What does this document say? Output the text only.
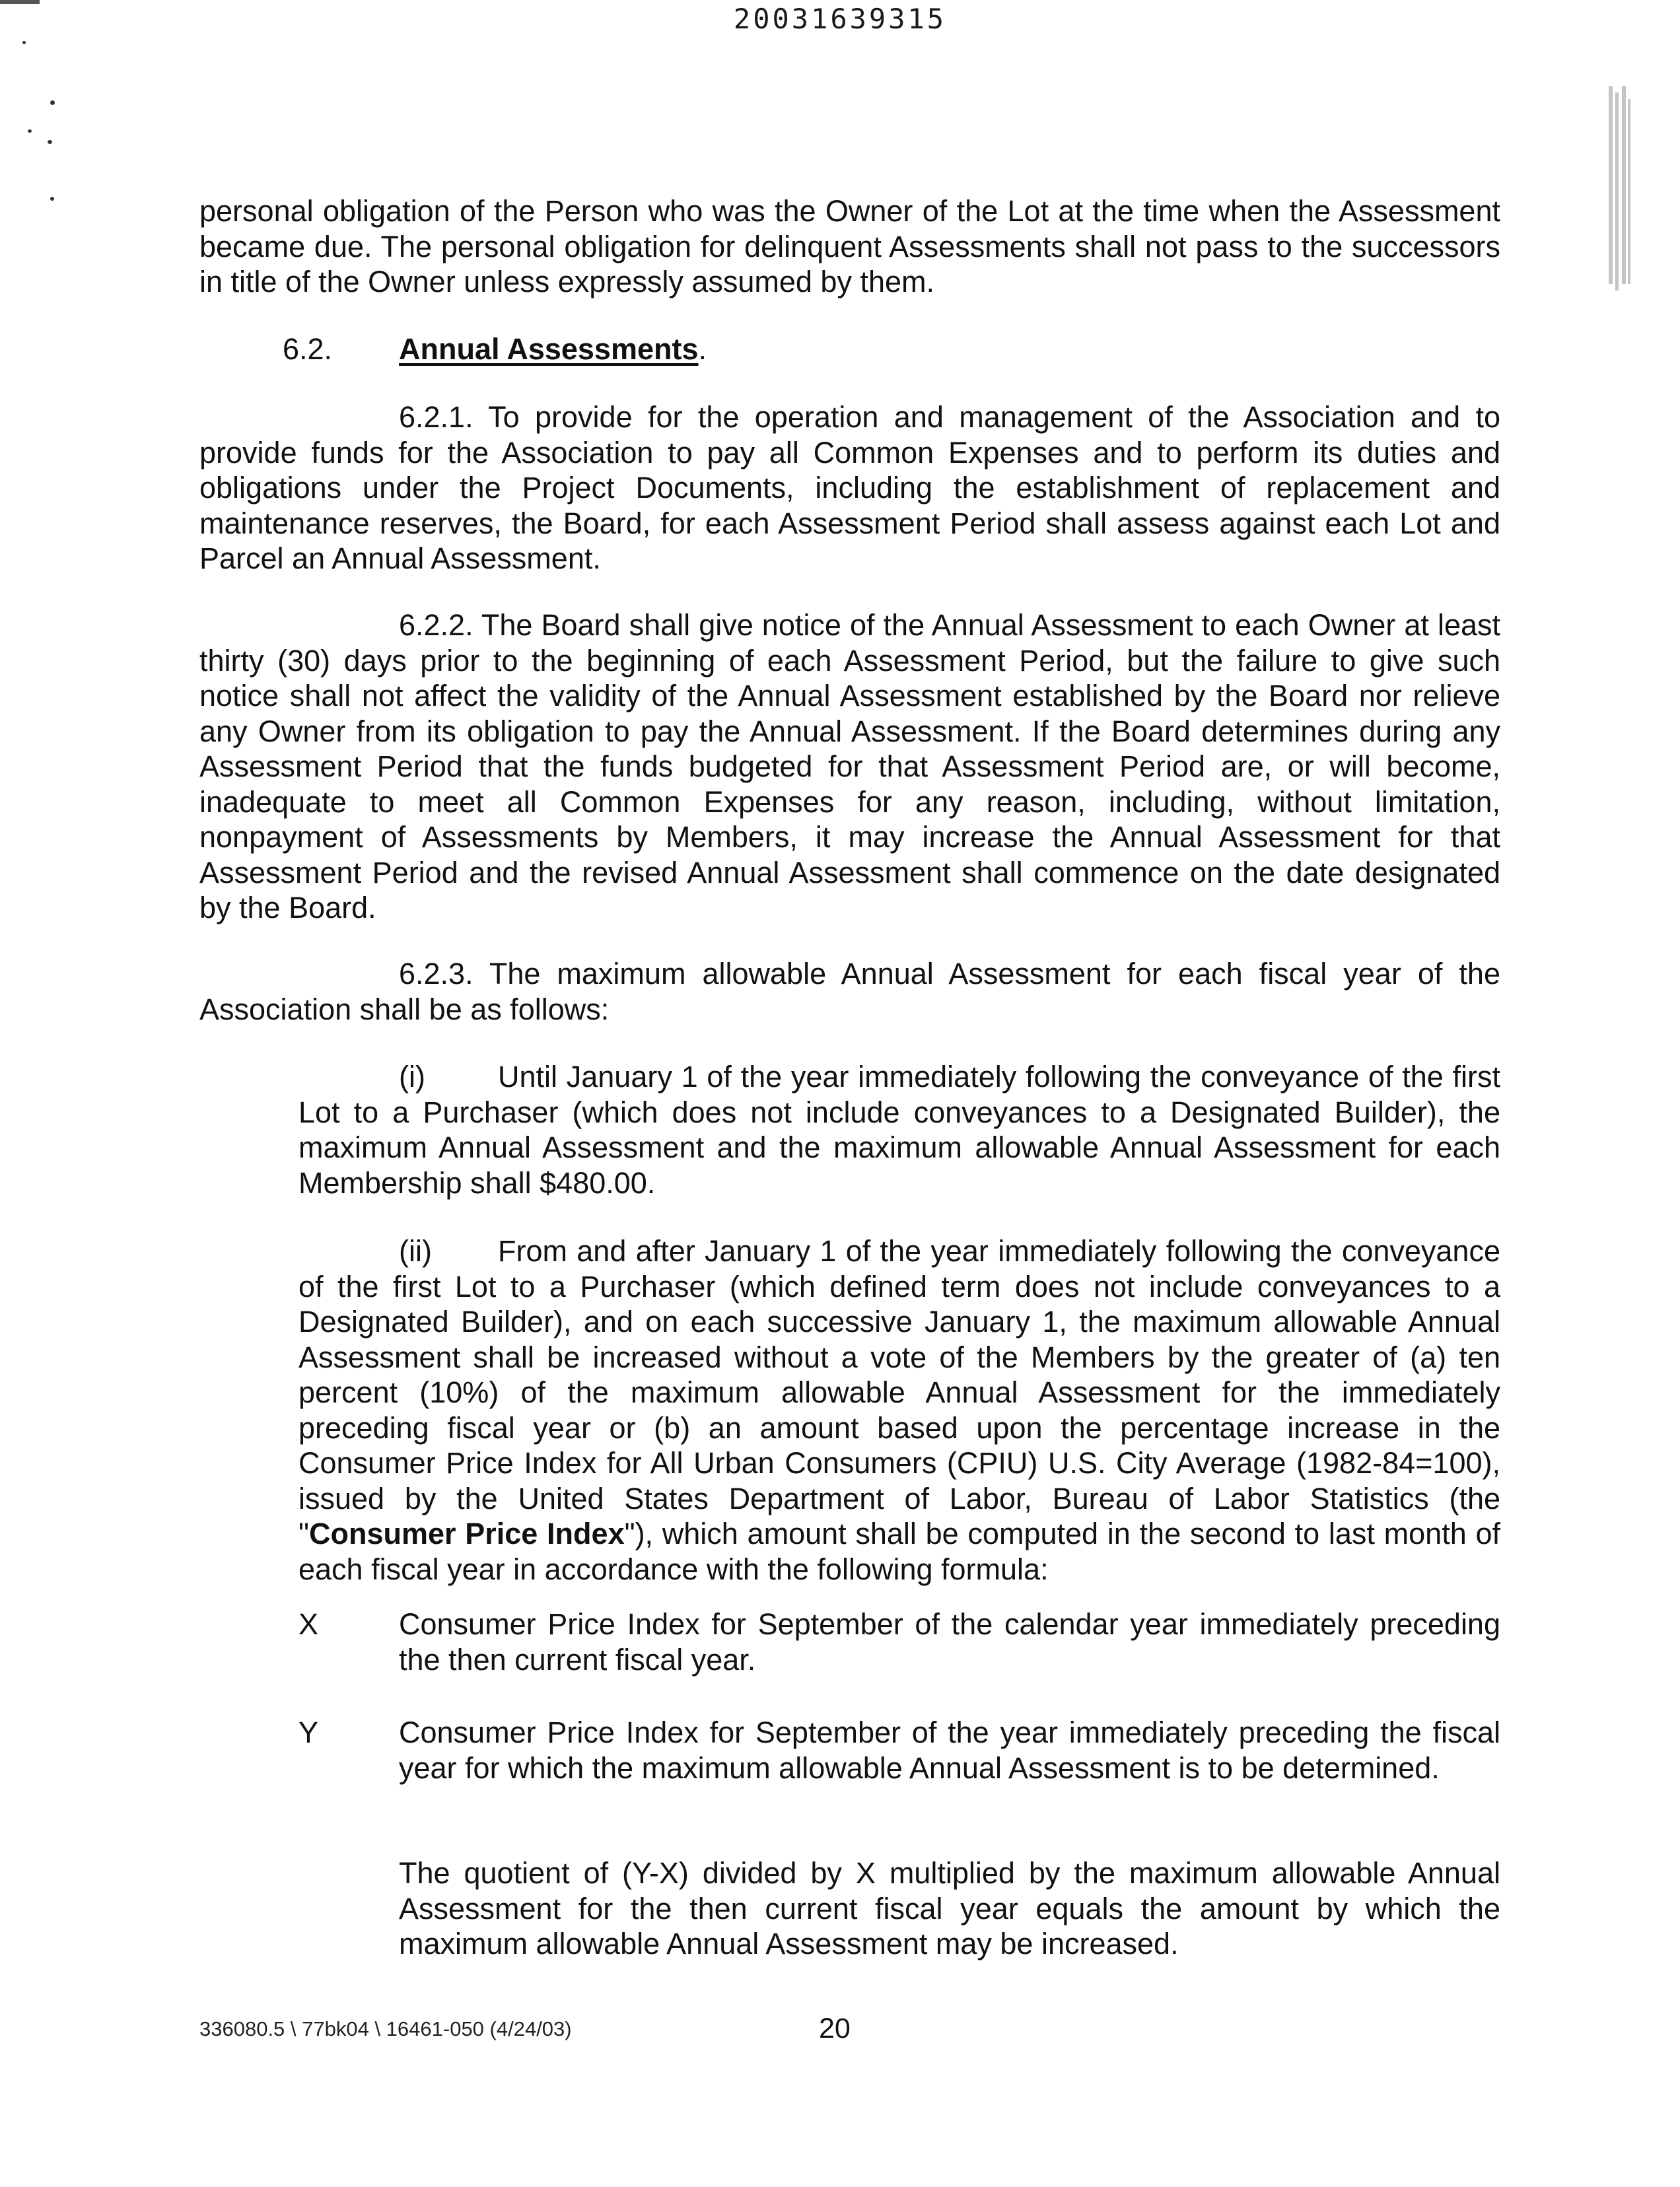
20031639315
personal obligation of the Person who was the Owner of the Lot at the time when the Assessment became due. The personal obligation for delinquent Assessments shall not pass to the successors in title of the Owner unless expressly assumed by them.
6.2. Annual Assessments.
6.2.1. To provide for the operation and management of the Association and to provide funds for the Association to pay all Common Expenses and to perform its duties and obligations under the Project Documents, including the establishment of replacement and maintenance reserves, the Board, for each Assessment Period shall assess against each Lot and Parcel an Annual Assessment.
6.2.2. The Board shall give notice of the Annual Assessment to each Owner at least thirty (30) days prior to the beginning of each Assessment Period, but the failure to give such notice shall not affect the validity of the Annual Assessment established by the Board nor relieve any Owner from its obligation to pay the Annual Assessment. If the Board determines during any Assessment Period that the funds budgeted for that Assessment Period are, or will become, inadequate to meet all Common Expenses for any reason, including, without limitation, nonpayment of Assessments by Members, it may increase the Annual Assessment for that Assessment Period and the revised Annual Assessment shall commence on the date designated by the Board.
6.2.3. The maximum allowable Annual Assessment for each fiscal year of the Association shall be as follows:
(i) Until January 1 of the year immediately following the conveyance of the first Lot to a Purchaser (which does not include conveyances to a Designated Builder), the maximum Annual Assessment and the maximum allowable Annual Assessment for each Membership shall $480.00.
(ii) From and after January 1 of the year immediately following the conveyance of the first Lot to a Purchaser (which defined term does not include conveyances to a Designated Builder), and on each successive January 1, the maximum allowable Annual Assessment shall be increased without a vote of the Members by the greater of (a) ten percent (10%) of the maximum allowable Annual Assessment for the immediately preceding fiscal year or (b) an amount based upon the percentage increase in the Consumer Price Index for All Urban Consumers (CPIU) U.S. City Average (1982-84=100), issued by the United States Department of Labor, Bureau of Labor Statistics (the "Consumer Price Index"), which amount shall be computed in the second to last month of each fiscal year in accordance with the following formula:
X	Consumer Price Index for September of the calendar year immediately preceding the then current fiscal year.
Y	Consumer Price Index for September of the year immediately preceding the fiscal year for which the maximum allowable Annual Assessment is to be determined.
The quotient of (Y-X) divided by X multiplied by the maximum allowable Annual Assessment for the then current fiscal year equals the amount by which the maximum allowable Annual Assessment may be increased.
336080.5 \ 77bk04 \ 16461-050 (4/24/03)	20
